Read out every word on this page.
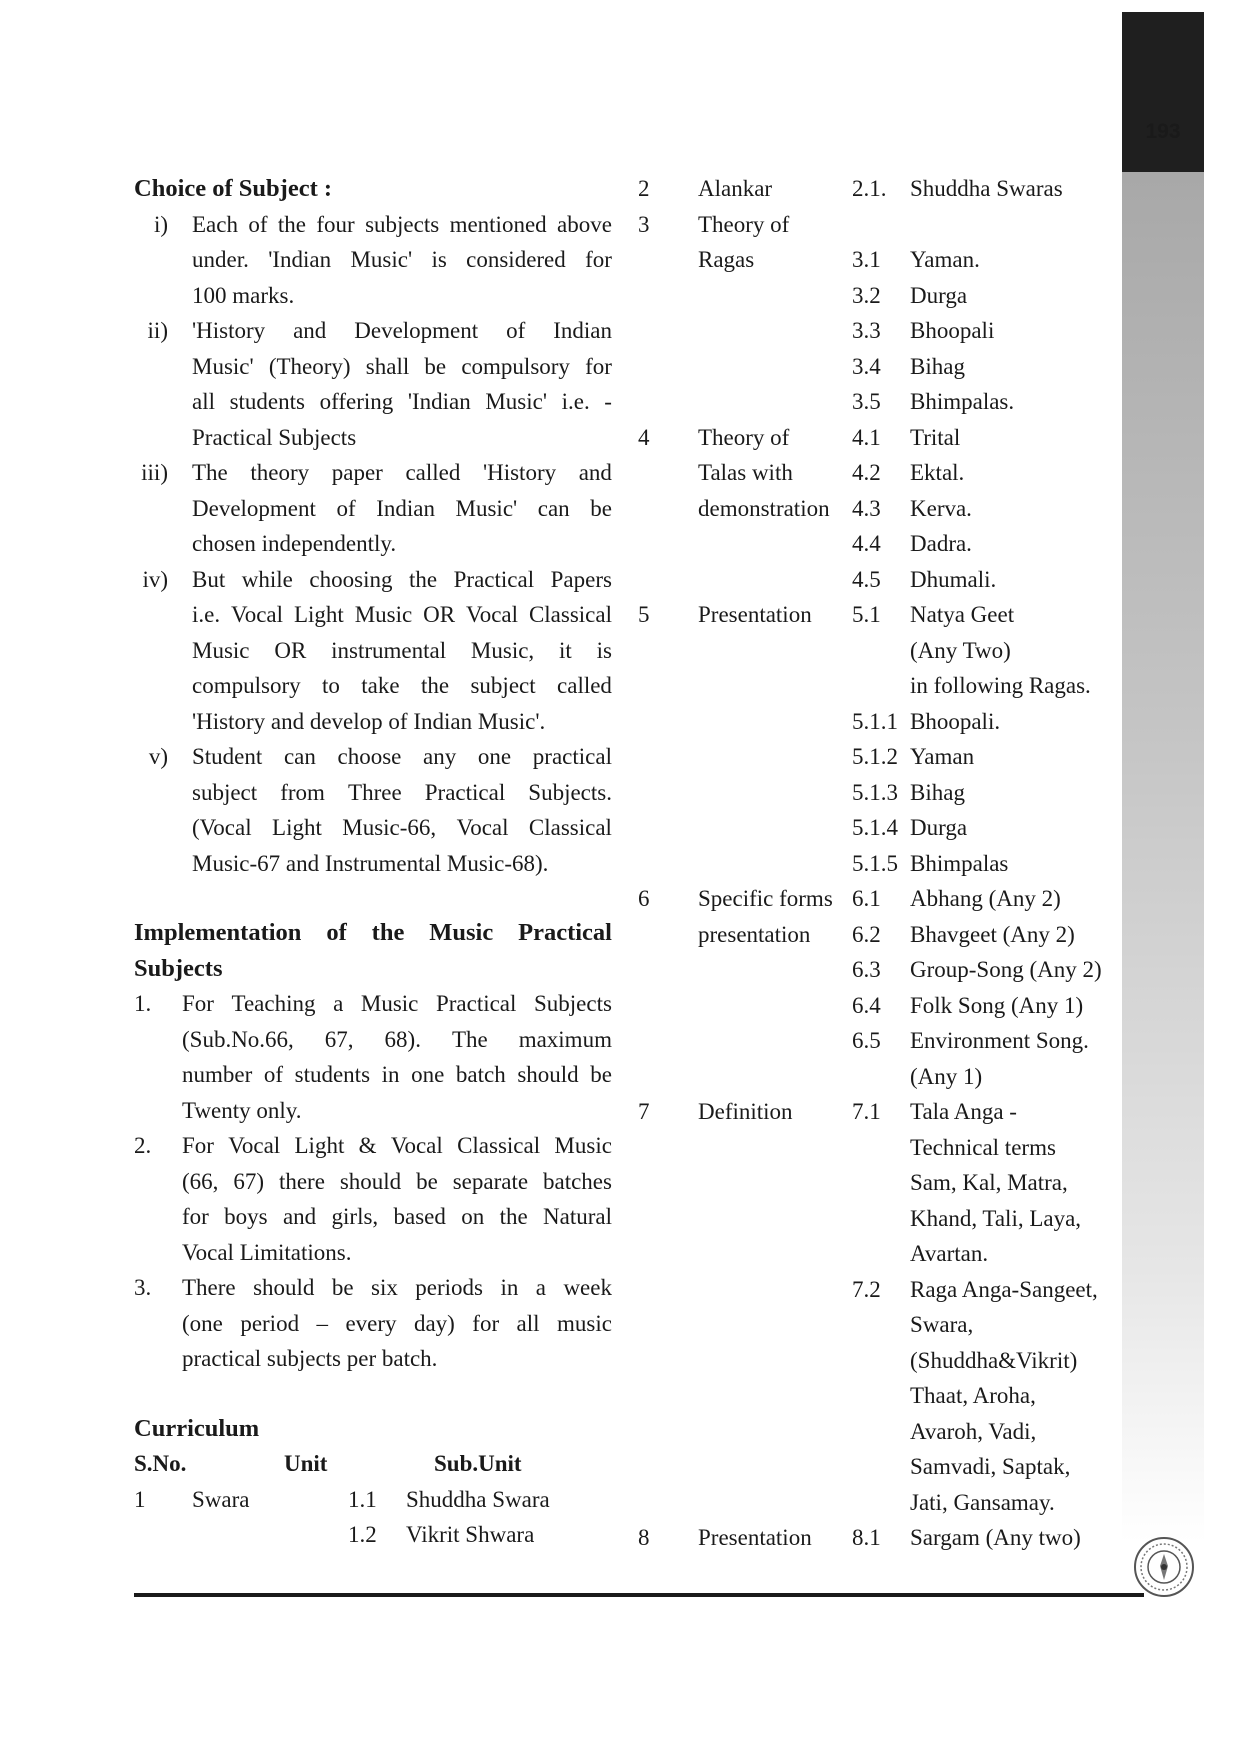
193
Choice of Subject :
i)	Each of the four subjects mentioned above
under. 'Indian Music' is considered for
100 marks.
ii)	'History and Development of Indian
Music' (Theory) shall be compulsory for
all students offering 'Indian Music' i.e. -
Practical Subjects
iii)	The theory paper called 'History and
Development of Indian Music' can be
chosen independently.
iv)	But while choosing the Practical Papers
i.e. Vocal Light Music OR Vocal Classical
Music OR instrumental Music, it is
compulsory to take the subject called
'History and develop of Indian Music'.
v)	Student can choose any one practical
subject from Three Practical Subjects.
(Vocal Light Music-66, Vocal Classical
Music-67 and Instrumental Music-68).
Implementation of the Music Practical
Subjects
1.	For Teaching a Music Practical Subjects
(Sub.No.66, 67, 68). The maximum
number of students in one batch should be
Twenty only.
2.	For Vocal Light & Vocal Classical Music
(66, 67) there should be separate batches
for boys and girls, based on the Natural
Vocal Limitations.
3.	There should be six periods in a week
(one period – every day) for all music
practical subjects per batch.
Curriculum
S.No.	Unit	Sub.Unit
1	Swara	1.1	Shuddha Swara
1.2	Vikrit Shwara
2	Alankar	2.1.	Shuddha Swaras
3	Theory of
Ragas	3.1	Yaman.
3.2	Durga
3.3	Bhoopali
3.4	Bihag
3.5	Bhimpalas.
4	Theory of	4.1	Trital
Talas with	4.2	Ektal.
demonstration 4.3	Kerva.
4.4	Dadra.
4.5	Dhumali.
5	Presentation	5.1	Natya Geet
(Any Two)
in following Ragas.
5.1.1 Bhoopali.
5.1.2 Yaman
5.1.3 Bihag
5.1.4 Durga
5.1.5 Bhimpalas
6	Specific forms 6.1	Abhang (Any 2)
presentation	6.2	Bhavgeet (Any 2)
6.3	Group-Song (Any 2)
6.4	Folk Song (Any 1)
6.5	Environment Song.
(Any 1)
7	Definition	7.1	Tala Anga -
Technical terms
Sam, Kal, Matra,
Khand, Tali, Laya,
Avartan.
7.2	Raga Anga-Sangeet,
Swara,
(Shuddha&Vikrit)
Thaat, Aroha,
Avaroh, Vadi,
Samvadi, Saptak,
Jati, Gansamay.
8	Presentation	8.1	Sargam (Any two)
